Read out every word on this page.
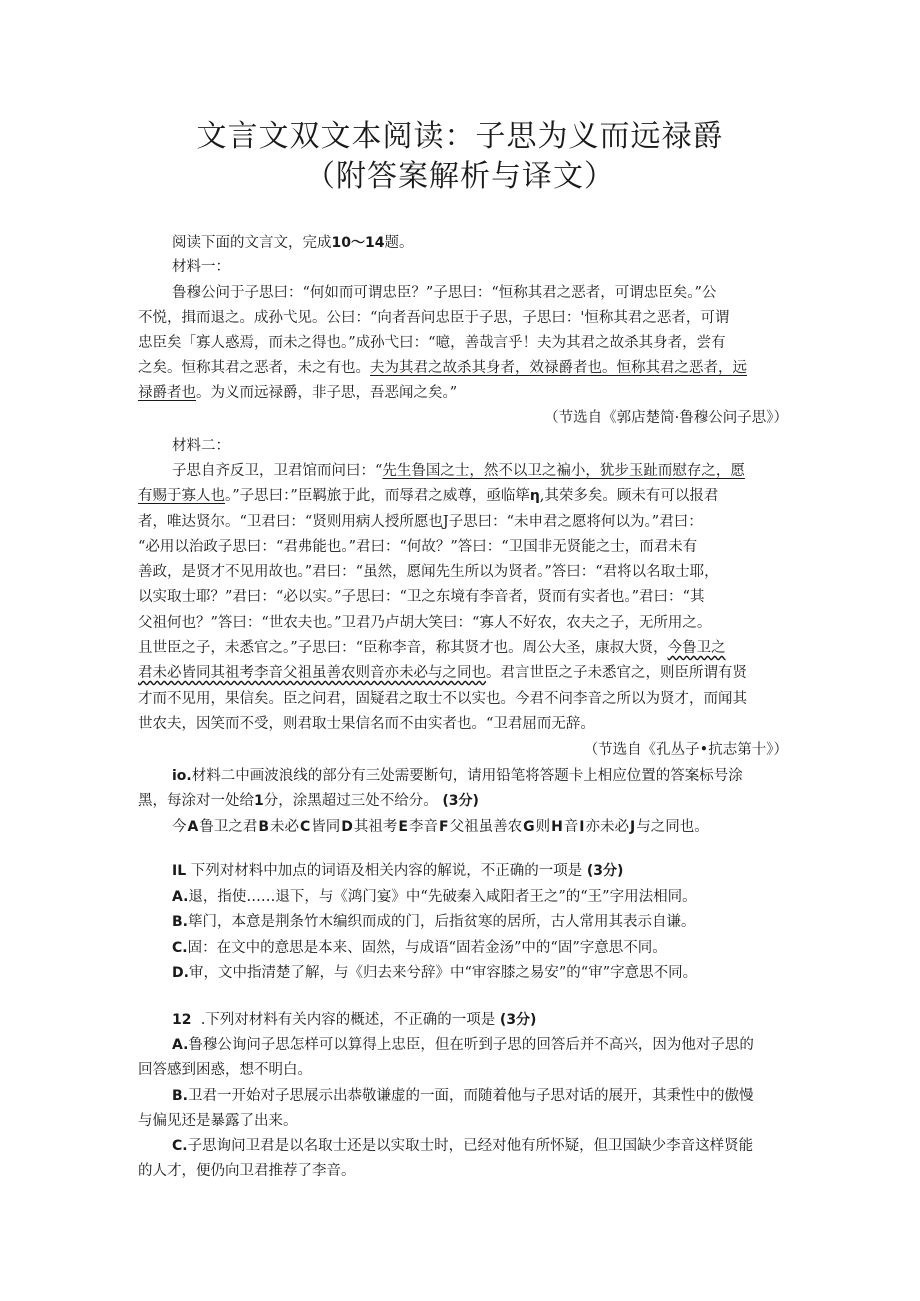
文言文双文本阅读：子思为义而远禄爵
（附答案解析与译文）
阅读下面的文言文，完成10〜14题。
材料一：
鲁穆公问于子思曰：“何如而可谓忠臣？”子思曰：“恒称其君之恶者，可谓忠臣矣。”公
不悦，揖而退之。成孙弋见。公曰：“向者吾问忠臣于子思，子思曰：'恒称其君之恶者，可谓
忠臣矣「寡人惑焉，而未之得也。”成孙弋曰：“噫，善哉言乎！夫为其君之故杀其身者，尝有
之矣。恒称其君之恶者，未之有也。夫为其君之故杀其身者，效禄爵者也。恒称其君之恶者，远
禄爵者也。为义而远禄爵，非子思，吾恶闻之矣。”
（节选自《郭店楚简·鲁穆公问子思》）
材料二：
子思自齐反卫，卫君馆而问曰：“先生鲁国之士，然不以卫之褊小，犹步玉趾而慰存之，愿
有赐于寡人也。”子思曰：”臣羁旅于此，而辱君之威尊，亟临筚η,其荣多矣。顾未有可以报君
者，唯达贤尔。“卫君曰：“贤则用病人授所愿也J子思曰：“未申君之愿将何以为。”君曰：
“必用以治政子思曰：“君弗能也。”君曰：“何故？”答曰：“卫国非无贤能之士，而君未有
善政，是贤才不见用故也。”君曰：“虽然，愿闻先生所以为贤者。”答曰：“君将以名取士耶，
以实取士耶？”君曰：“必以实。”子思曰：“卫之东境有李音者，贤而有实者也。”君曰：“其
父祖何也？”答曰：“世农夫也。”卫君乃卢胡大笑曰：“寡人不好农，农夫之子，无所用之。
且世臣之子，未悉官之。”子思曰：“臣称李音，称其贤才也。周公大圣，康叔大贤，今鲁卫之
君未必皆同其祖考李音父祖虽善农则音亦未必与之同也。君言世臣之子未悉官之，则臣所谓有贤
才而不见用，果信矣。臣之问君，固疑君之取士不以实也。今君不问李音之所以为贤才，而闻其
世农夫，因笑而不受，则君取士果信名而不由实者也。“卫君屈而无辞。
（节选自《孔丛子•抗志第十》）
io.材料二中画波浪线的部分有三处需要断句，请用铅笔将答题卡上相应位置的答案标号涂
黑，每涂对一处给1分，涂黑超过三处不给分。 (3分)
今A鲁卫之君B未必C皆同D其祖考E李音F父祖虽善农G则H音I亦未必J与之同也。
IL 下列对材料中加点的词语及相关内容的解说，不正确的一项是 (3分)
A.退，指使……退下，与《鸿门宴》中“先破秦入咸阳者王之”的“王”字用法相同。
B.筚门，本意是荆条竹木编织而成的门，后指贫寒的居所，古人常用其表示自谦。
C.固：在文中的意思是本来、固然，与成语“固若金汤”中的“固”字意思不同。
D.审，文中指清楚了解，与《归去来兮辞》中“审容膝之易安”的“审”字意思不同。
12 .下列对材料有关内容的概述，不正确的一项是 (3分)
A.鲁穆公询问子思怎样可以算得上忠臣，但在听到子思的回答后并不高兴，因为他对子思的
回答感到困惑，想不明白。
B.卫君一开始对子思展示出恭敬谦虚的一面，而随着他与子思对话的展开，其秉性中的傲慢
与偏见还是暴露了出来。
C.子思询问卫君是以名取士还是以实取士时，已经对他有所怀疑，但卫国缺少李音这样贤能
的人才，便仍向卫君推荐了李音。
